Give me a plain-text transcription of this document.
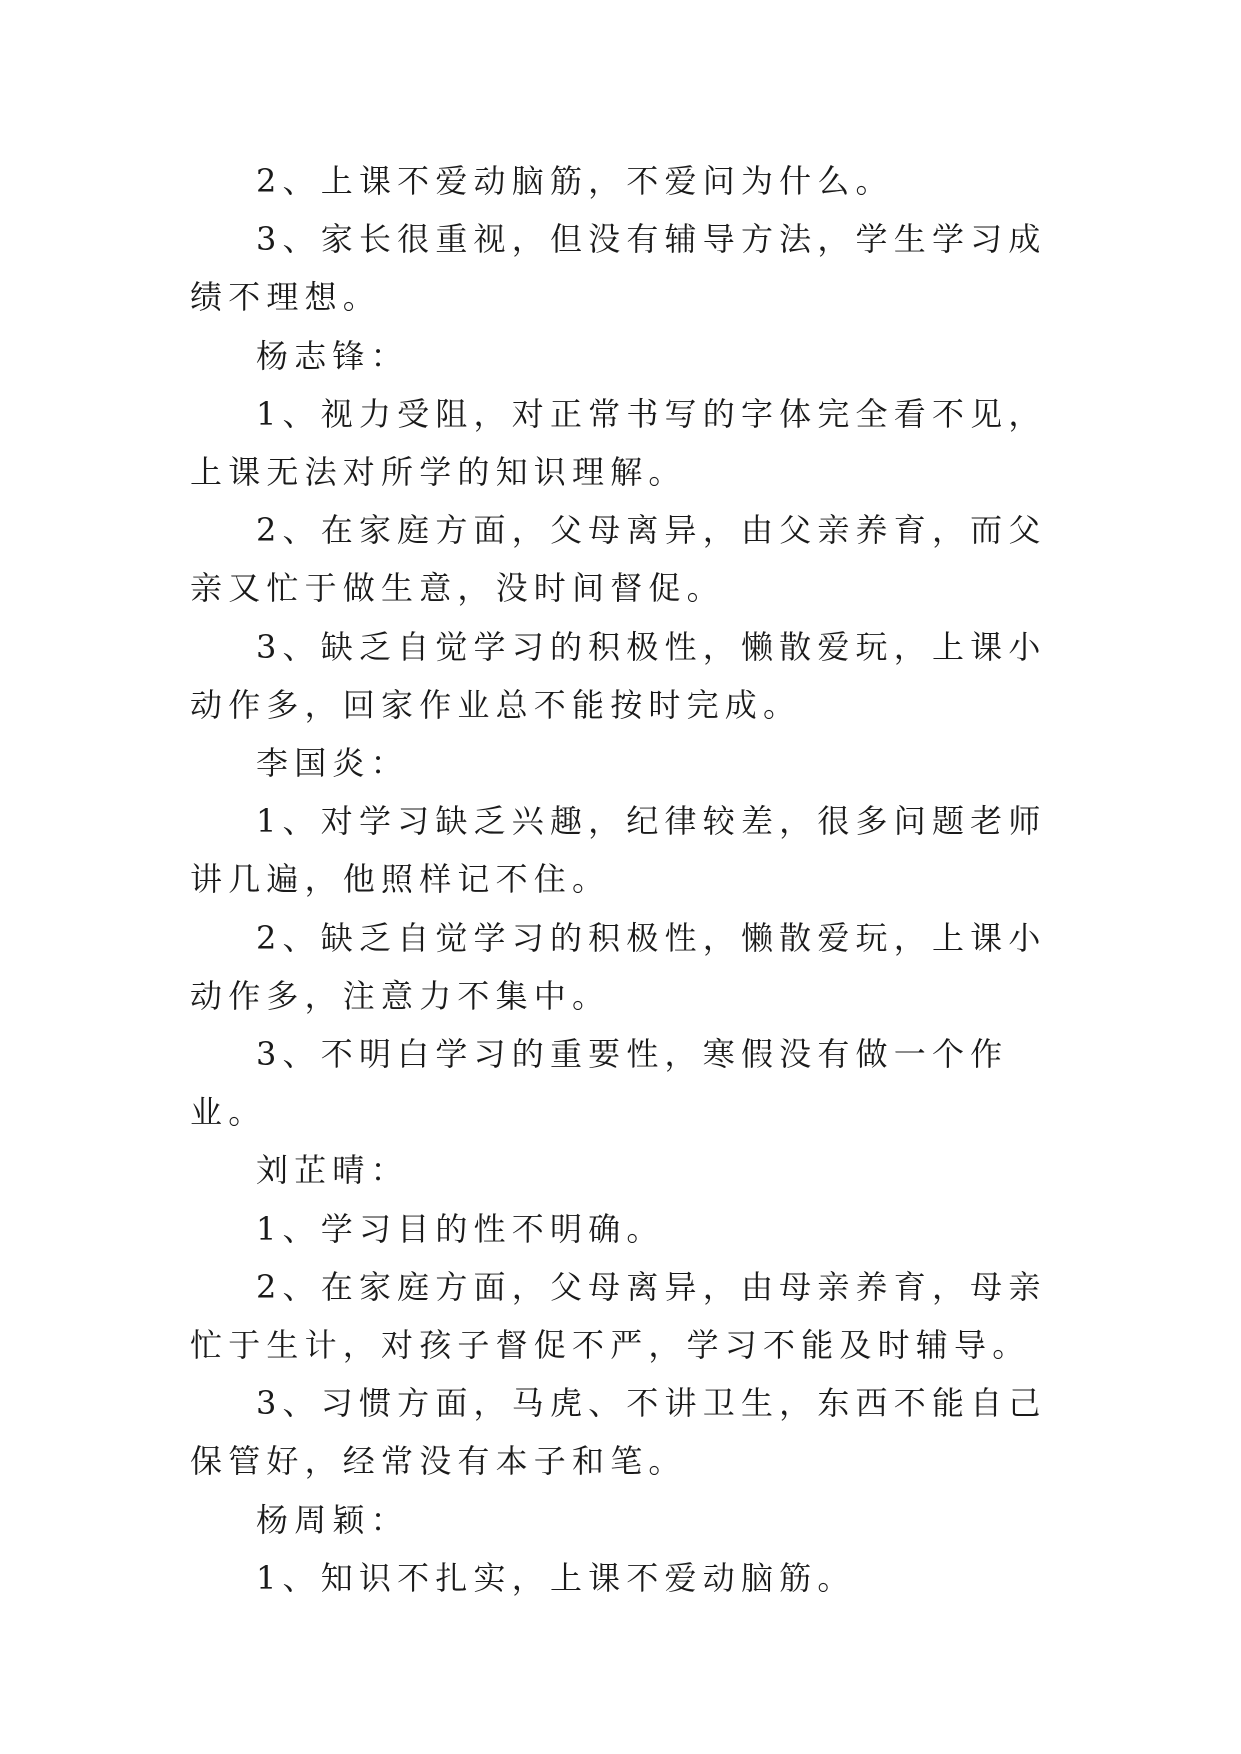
2、上课不爱动脑筋，不爱问为什么。

3、家长很重视，但没有辅导方法，学生学习成绩不理想。

杨志锋：

1、视力受阻，对正常书写的字体完全看不见，上课无法对所学的知识理解。

2、在家庭方面，父母离异，由父亲养育，而父亲又忙于做生意，没时间督促。

3、缺乏自觉学习的积极性，懒散爱玩，上课小动作多，回家作业总不能按时完成。

李国炎：

1、对学习缺乏兴趣，纪律较差，很多问题老师讲几遍，他照样记不住。

2、缺乏自觉学习的积极性，懒散爱玩，上课小动作多，注意力不集中。

3、不明白学习的重要性，寒假没有做一个作业。

刘芷晴：

1、学习目的性不明确。

2、在家庭方面，父母离异，由母亲养育，母亲忙于生计，对孩子督促不严，学习不能及时辅导。

3、习惯方面，马虎、不讲卫生，东西不能自己保管好，经常没有本子和笔。

杨周颖：

1、知识不扎实，上课不爱动脑筋。
